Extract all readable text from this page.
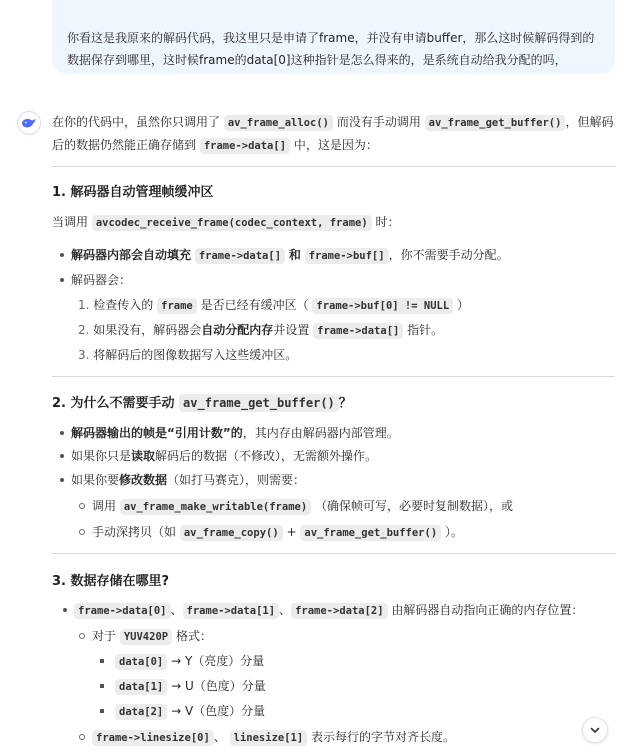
你看这是我原来的解码代码，我这里只是申请了frame，并没有申请buffer，那么这时候解码得到的数据保存到哪里，这时候frame的data[0]这种指针是怎么得来的，是系统自动给我分配的吗，
在你的代码中，虽然你只调用了 av_frame_alloc() 而没有手动调用 av_frame_get_buffer() ，但解码
后的数据仍然能正确存储到 frame->data[] 中，这是因为：
1. 解码器自动管理帧缓冲区
当调用 avcodec_receive_frame(codec_context, frame) 时：
解码器内部会自动填充 frame->data[] 和 frame->buf[] ，你不需要手动分配。
解码器会：
1. 检查传入的 frame 是否已经有缓冲区（ frame->buf[0] != NULL ）
2. 如果没有，解码器会自动分配内存并设置 frame->data[] 指针。
3. 将解码后的图像数据写入这些缓冲区。
2. 为什么不需要手动 av_frame_get_buffer() ？
解码器输出的帧是“引用计数”的，其内存由解码器内部管理。
如果你只是读取解码后的数据（不修改），无需额外操作。
如果你要修改数据（如打马赛克），则需要：
调用 av_frame_make_writable(frame) （确保帧可写，必要时复制数据），或
手动深拷贝（如 av_frame_copy() + av_frame_get_buffer() ）。
3. 数据存储在哪里?
frame->data[0] 、 frame->data[1] 、 frame->data[2] 由解码器自动指向正确的内存位置：
对于 YUV420P 格式：
data[0] → Y（亮度）分量
data[1] → U（色度）分量
data[2] → V（色度）分量
frame->linesize[0] 、 linesize[1] 表示每行的字节对齐长度。
